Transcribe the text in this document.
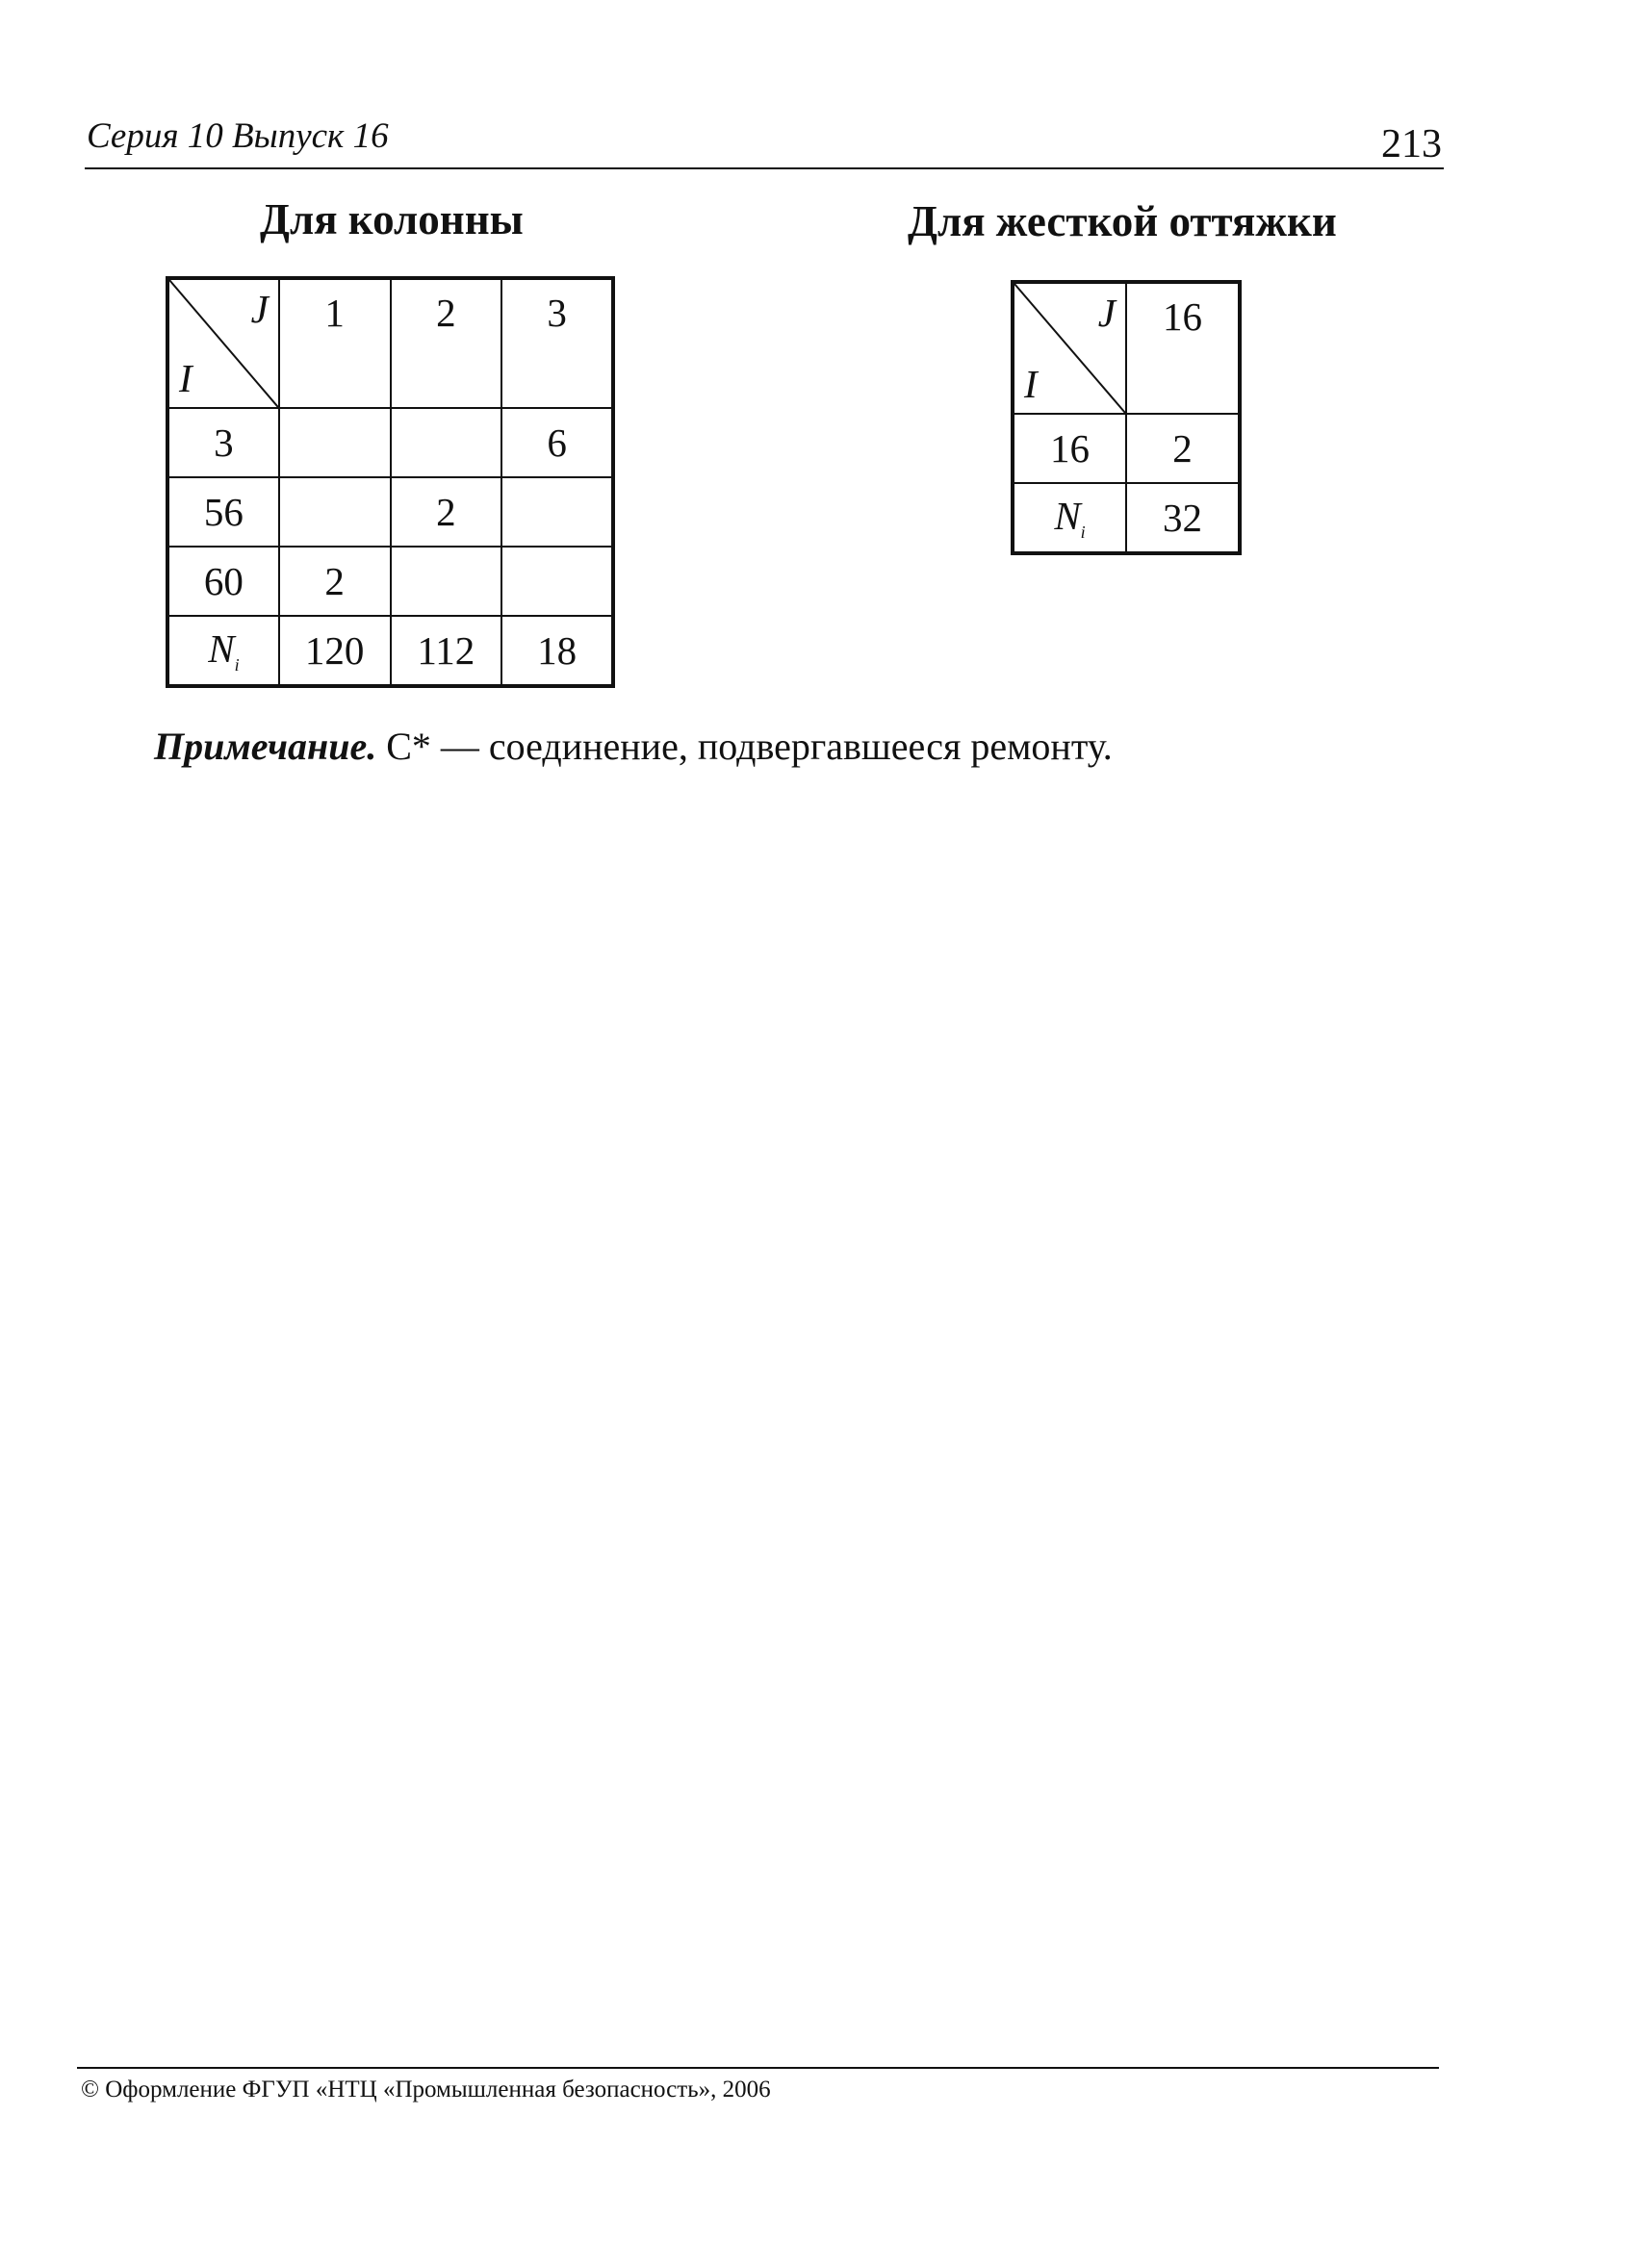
Серия 10 Выпуск 16	213
Для колонны	Для жесткой оттяжки
J
I	1	2	3
3			6
56		2	
60	2		
$N_i$	120	112	18
J
I	16
16	2
$N_i$	32
Примечание. С* — соединение, подвергавшееся ремонту.
© Оформление ФГУП «НТЦ «Промышленная безопасность», 2006
